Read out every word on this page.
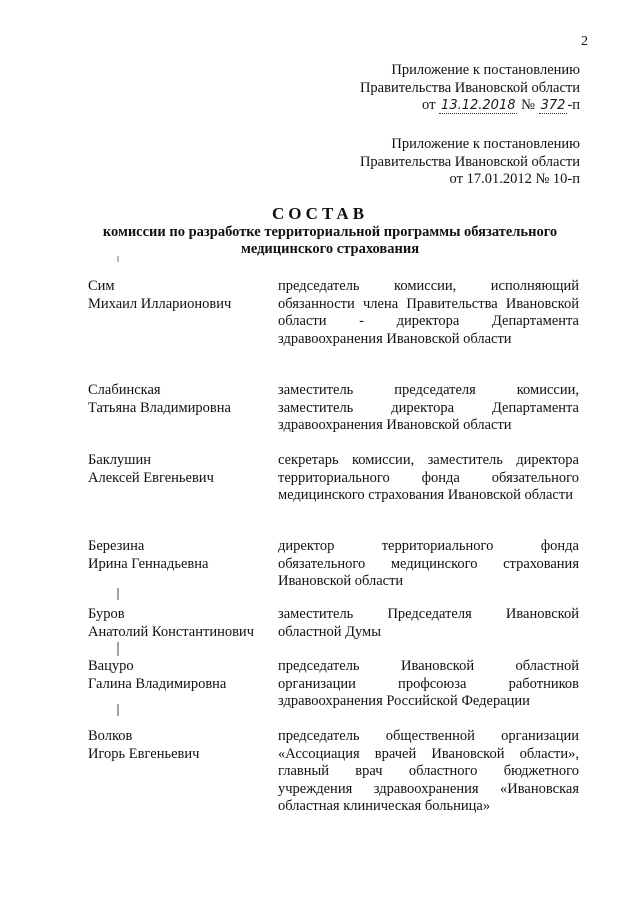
2
Приложение к постановлению
Правительства Ивановской области
от 13.12.2018 № 372 -п
Приложение к постановлению
Правительства Ивановской области
от 17.01.2012 № 10-п
СОСТАВ
комиссии по разработке территориальной программы обязательного медицинского страхования
Сим
Михаил Илларионович
председатель комиссии, исполняющий обязанности члена Правительства Ивановской области - директора Департамента здравоохранения Ивановской области
Слабинская
Татьяна Владимировна
заместитель председателя комиссии, заместитель директора Департамента здравоохранения Ивановской области
Баклушин
Алексей Евгеньевич
секретарь комиссии, заместитель директора территориального фонда обязательного медицинского страхования Ивановской области
Березина
Ирина Геннадьевна
директор территориального фонда обязательного медицинского страхования Ивановской области
Буров
Анатолий Константинович
заместитель Председателя Ивановской областной Думы
Вацуро
Галина Владимировна
председатель Ивановской областной организации профсоюза работников здравоохранения Российской Федерации
Волков
Игорь Евгеньевич
председатель общественной организации «Ассоциация врачей Ивановской области», главный врач областного бюджетного учреждения здравоохранения «Ивановская областная клиническая больница»
